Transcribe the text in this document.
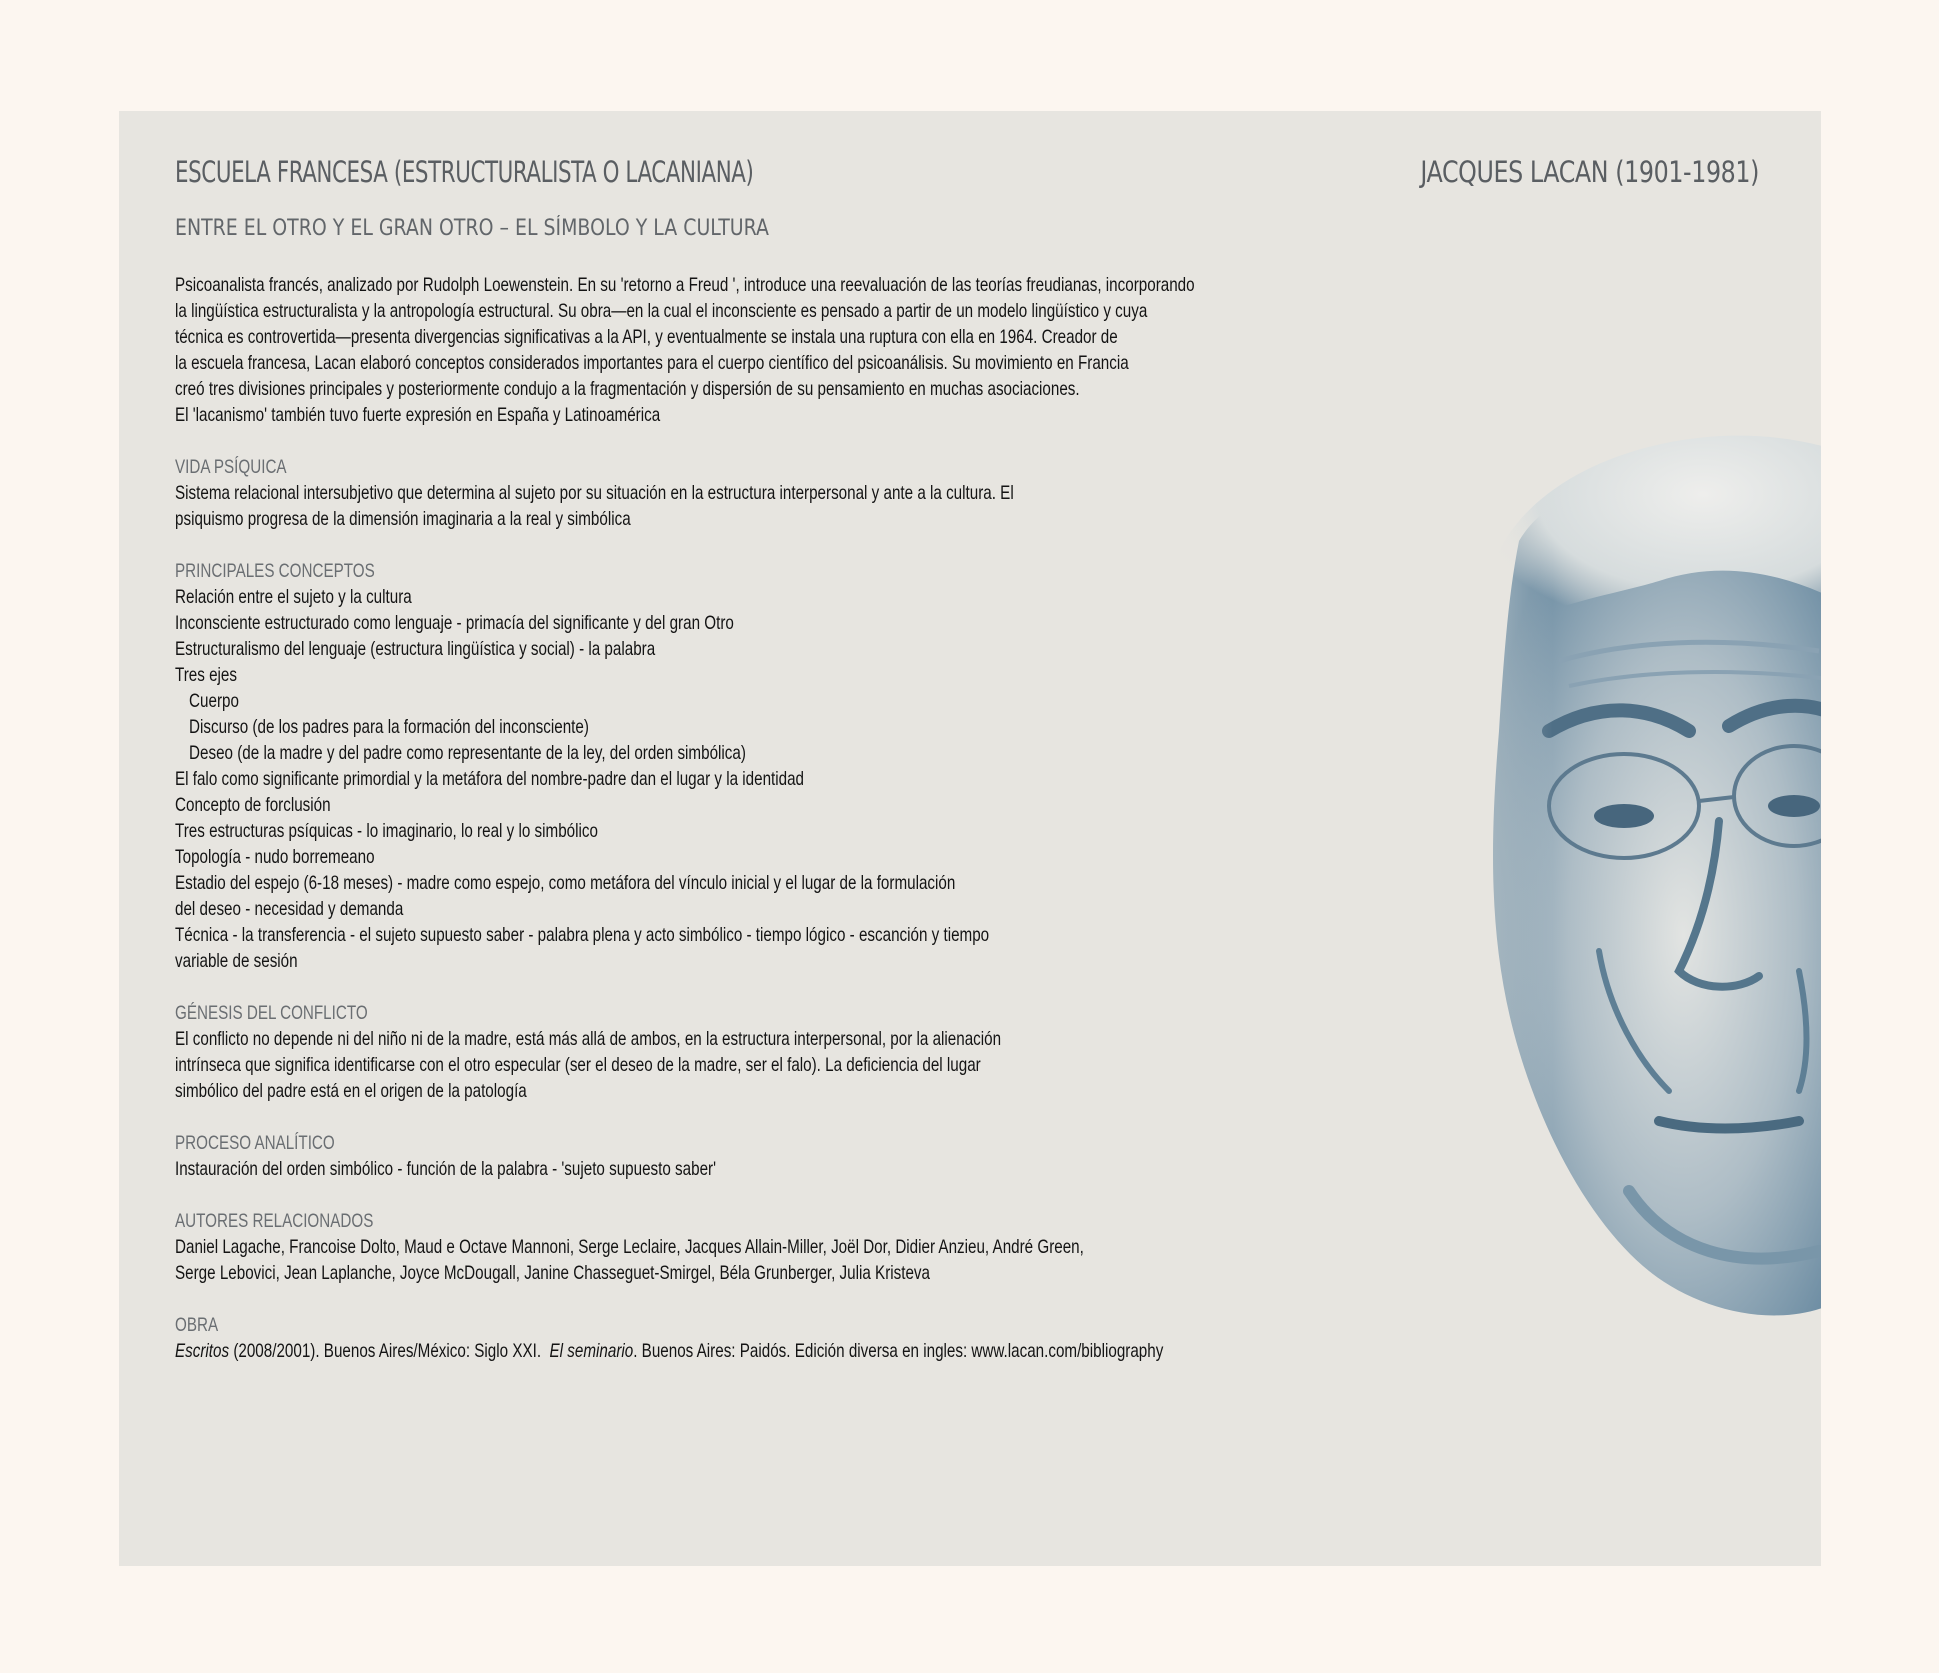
ESCUELA FRANCESA (ESTRUCTURALISTA O LACANIANA)	JACQUES LACAN (1901-1981)
ENTRE EL OTRO Y EL GRAN OTRO – EL SÍMBOLO Y LA CULTURA
Psicoanalista francés, analizado por Rudolph Loewenstein. En su 'retorno a Freud ', introduce una reevaluación de las teorías freudianas, incorporando
la lingüística estructuralista y la antropología estructural. Su obra—en la cual el inconsciente es pensado a partir de un modelo lingüístico y cuya
técnica es controvertida—presenta divergencias significativas a la API, y eventualmente se instala una ruptura con ella en 1964. Creador de
la escuela francesa, Lacan elaboró conceptos considerados importantes para el cuerpo científico del psicoanálisis. Su movimiento en Francia
creó tres divisiones principales y posteriormente condujo a la fragmentación y dispersión de su pensamiento en muchas asociaciones.
El 'lacanismo' también tuvo fuerte expresión en España y Latinoamérica
VIDA PSÍQUICA
Sistema relacional intersubjetivo que determina al sujeto por su situación en la estructura interpersonal y ante a la cultura. El
psiquismo progresa de la dimensión imaginaria a la real y simbólica
PRINCIPALES CONCEPTOS
Relación entre el sujeto y la cultura
Inconsciente estructurado como lenguaje - primacía del significante y del gran Otro
Estructuralismo del lenguaje (estructura lingüística y social) - la palabra
Tres ejes
Cuerpo
Discurso (de los padres para la formación del inconsciente)
Deseo (de la madre y del padre como representante de la ley, del orden simbólica)
El falo como significante primordial y la metáfora del nombre-padre dan el lugar y la identidad
Concepto de forclusión
Tres estructuras psíquicas - lo imaginario, lo real y lo simbólico
Topología - nudo borremeano
Estadio del espejo (6-18 meses) - madre como espejo, como metáfora del vínculo inicial y el lugar de la formulación
del deseo - necesidad y demanda
Técnica - la transferencia - el sujeto supuesto saber - palabra plena y acto simbólico - tiempo lógico - escanción y tiempo
variable de sesión
GÉNESIS DEL CONFLICTO
El conflicto no depende ni del niño ni de la madre, está más allá de ambos, en la estructura interpersonal, por la alienación
intrínseca que significa identificarse con el otro especular (ser el deseo de la madre, ser el falo). La deficiencia del lugar
simbólico del padre está en el origen de la patología
PROCESO ANALÍTICO
Instauración del orden simbólico - función de la palabra - 'sujeto supuesto saber'
AUTORES RELACIONADOS
Daniel Lagache, Francoise Dolto, Maud e Octave Mannoni, Serge Leclaire, Jacques Allain-Miller, Joël Dor, Didier Anzieu, André Green,
Serge Lebovici, Jean Laplanche, Joyce McDougall, Janine Chasseguet-Smirgel, Béla Grunberger, Julia Kristeva
OBRA
Escritos (2008/2001). Buenos Aires/México: Siglo XXI.  El seminario. Buenos Aires: Paidós. Edición diversa en ingles: www.lacan.com/bibliography
